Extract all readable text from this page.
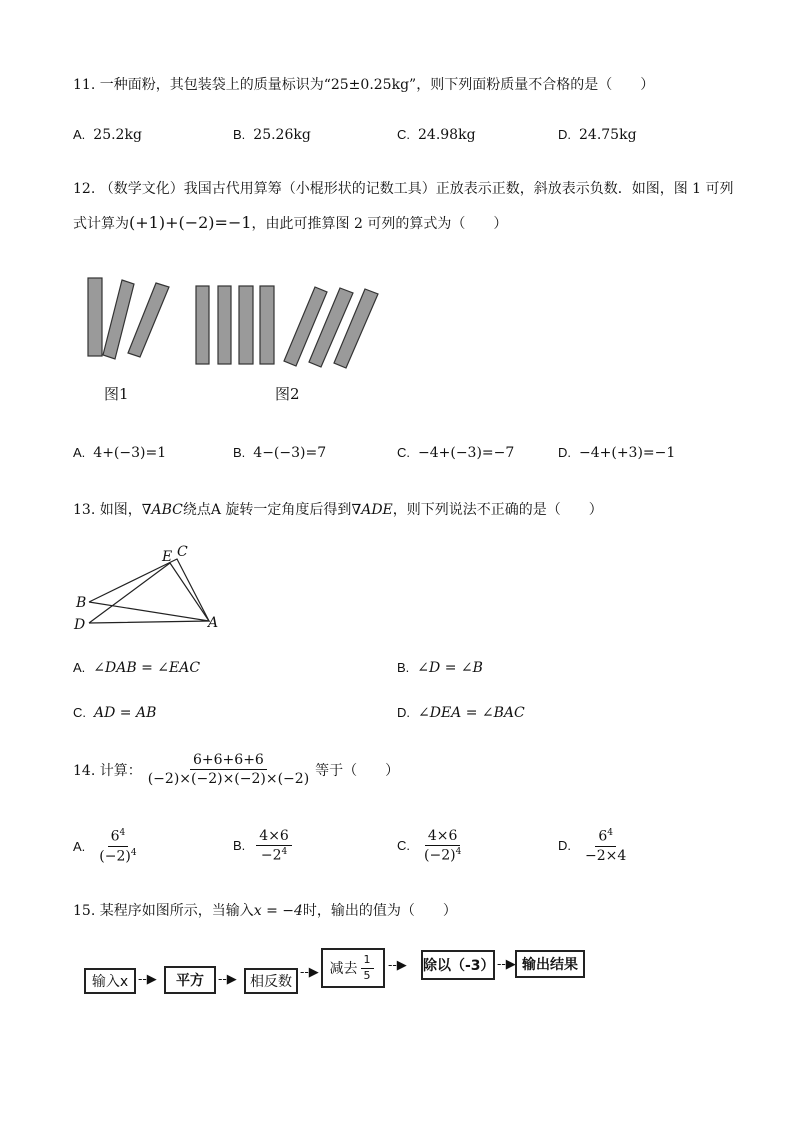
11. 一种面粉，其包装袋上的质量标识为“25±0.25kg”，则下列面粉质量不合格的是（　　）
A. 25.2kg	B. 25.26kg	C. 24.98kg	D. 24.75kg
12. （数学文化）我国古代用算筹（小棍形状的记数工具）正放表示正数，斜放表示负数．如图，图 1 可列
式计算为(+1)+(−2)=−1，由此可推算图 2 可列的算式为（　　）
图1	图2
A. 4+(−3)=1	B. 4−(−3)=7	C. −4+(−3)=−7	D. −4+(+3)=−1
13. 如图，∇ABC绕点A 旋转一定角度后得到∇ADE，则下列说法不正确的是（　　）
E C
B
D	A
A. ∠DAB = ∠EAC	B. ∠D = ∠B
C. AD = AB	D. ∠DEA = ∠BAC
14. 计算： $\frac{6+6+6+6}{(-2)\times(-2)\times(-2)\times(-2)}$ 等于（　　）
A. $\frac{6^4}{(-2)^4}$	B. $\frac{4\times 6}{-2^4}$	C. $\frac{4\times 6}{(-2)^4}$	D. $\frac{6^4}{-2\times 4}$
15. 某程序如图所示，当输入x = −4时，输出的值为（　　）
输入x --▶	平方	--▶ 相反数
--▶ 减去 $\frac{1}{5}$ --▶ 除以（-3） --▶ 输出结果
